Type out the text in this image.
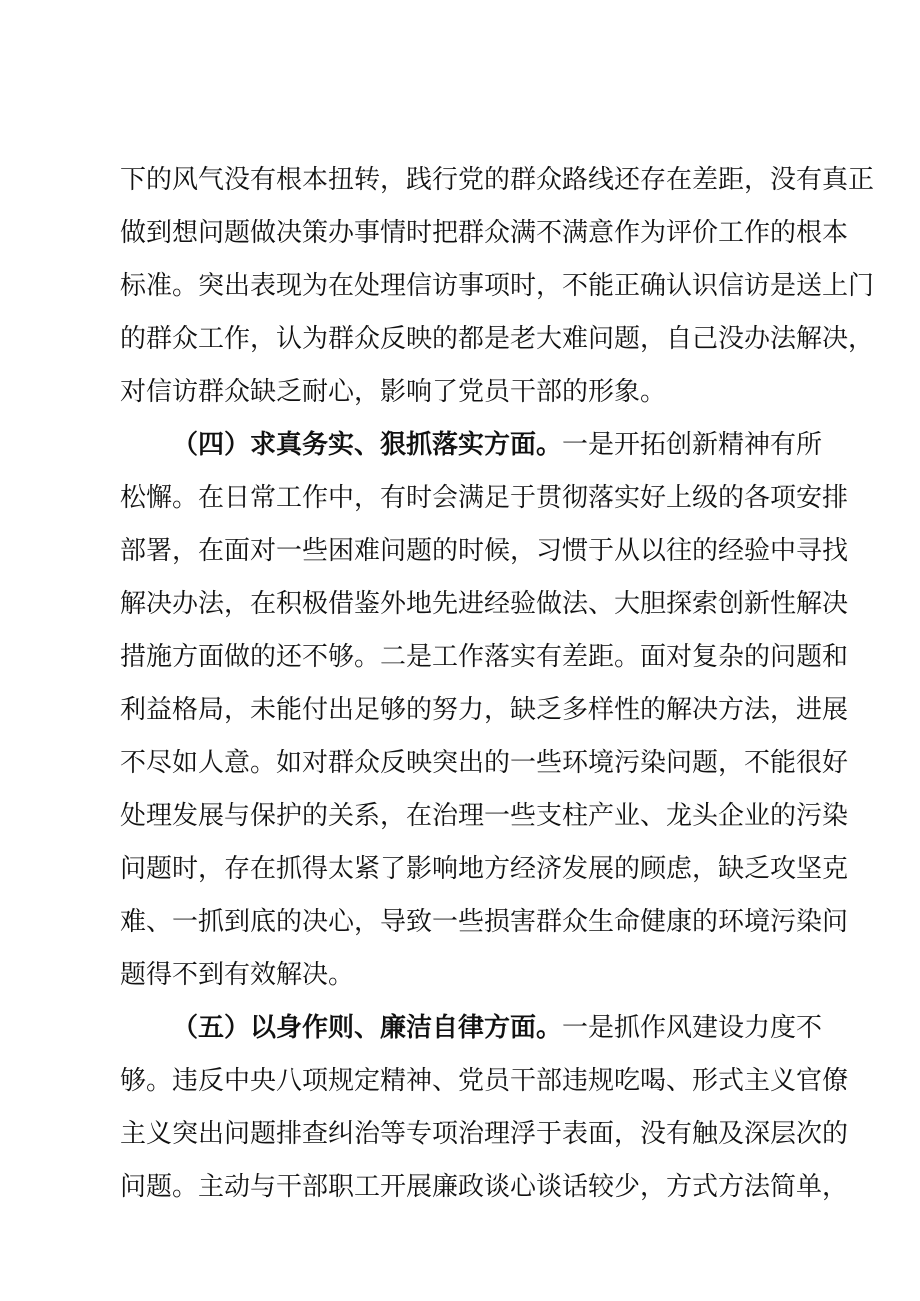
下的风气没有根本扭转，践行党的群众路线还存在差距，没有真正
做到想问题做决策办事情时把群众满不满意作为评价工作的根本
标准。突出表现为在处理信访事项时，不能正确认识信访是送上门
的群众工作，认为群众反映的都是老大难问题，自己没办法解决，
对信访群众缺乏耐心，影响了党员干部的形象。
（四）求真务实、狠抓落实方面。一是开拓创新精神有所
松懈。在日常工作中，有时会满足于贯彻落实好上级的各项安排
部署，在面对一些困难问题的时候，习惯于从以往的经验中寻找
解决办法，在积极借鉴外地先进经验做法、大胆探索创新性解决
措施方面做的还不够。二是工作落实有差距。面对复杂的问题和
利益格局，未能付出足够的努力，缺乏多样性的解决方法，进展
不尽如人意。如对群众反映突出的一些环境污染问题，不能很好
处理发展与保护的关系，在治理一些支柱产业、龙头企业的污染
问题时，存在抓得太紧了影响地方经济发展的顾虑，缺乏攻坚克
难、一抓到底的决心，导致一些损害群众生命健康的环境污染问
题得不到有效解决。
（五）以身作则、廉洁自律方面。一是抓作风建设力度不
够。违反中央八项规定精神、党员干部违规吃喝、形式主义官僚
主义突出问题排查纠治等专项治理浮于表面，没有触及深层次的
问题。主动与干部职工开展廉政谈心谈话较少，方式方法简单，
